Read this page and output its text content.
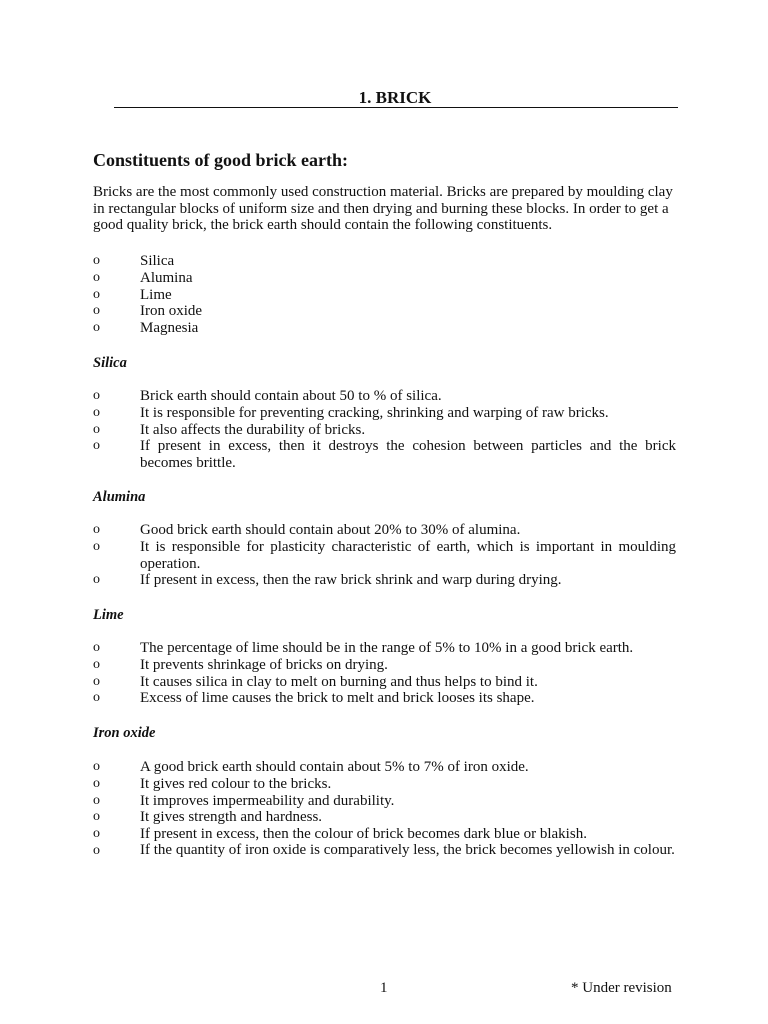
1. BRICK
Constituents of good brick earth:
Bricks are the most commonly used construction material. Bricks are prepared by moulding clay in rectangular blocks of uniform size and then drying and burning these blocks. In order to get a good quality brick, the brick earth should contain the following constituents.
o	Silica
o	Alumina
o	Lime
o	Iron oxide
o	Magnesia
Silica
o	Brick earth should contain about 50 to % of silica.
o	It is responsible for preventing cracking, shrinking and warping of raw bricks.
o	It also affects the durability of bricks.
o	If present in excess, then it destroys the cohesion between particles and the brick becomes brittle.
Alumina
o	Good brick earth should contain about 20% to 30% of alumina.
o	It is responsible for plasticity characteristic of earth, which is important in moulding operation.
o	If present in excess, then the raw brick shrink and warp during drying.
Lime
o	The percentage of lime should be in the range of 5% to 10% in a good brick earth.
o	It prevents shrinkage of bricks on drying.
o	It causes silica in clay to melt on burning and thus helps to bind it.
o	Excess of lime causes the brick to melt and brick looses its shape.
Iron oxide
o	A good brick earth should contain about 5% to 7% of iron oxide.
o	It gives red colour to the bricks.
o	It improves impermeability and durability.
o	It gives strength and hardness.
o	If present in excess, then the colour of brick becomes dark blue or blakish.
o	If the quantity of iron oxide is comparatively less, the brick becomes yellowish in colour.
1	* Under revision
